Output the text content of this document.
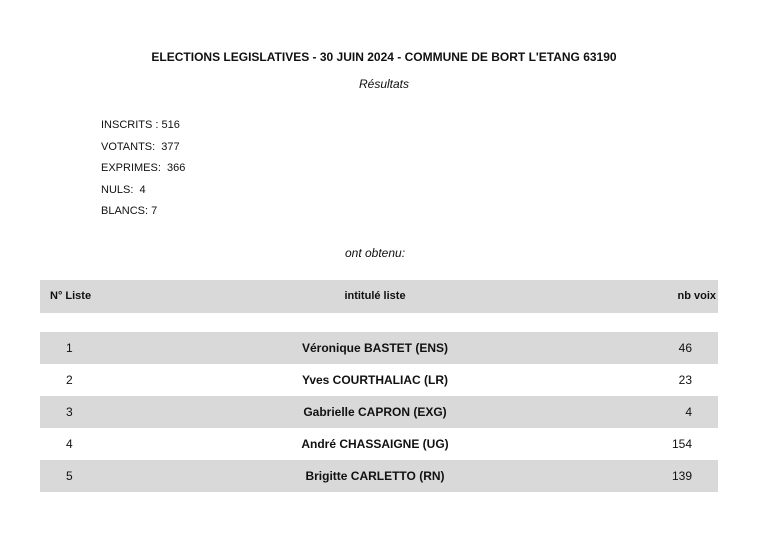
ELECTIONS LEGISLATIVES - 30 JUIN 2024 - COMMUNE DE BORT L'ETANG 63190
Résultats
INSCRITS : 516
VOTANTS:  377
EXPRIMES:  366
NULS:  4
BLANCS: 7
ont obtenu:
N° Liste	intitulé liste	nb voix
1	Véronique BASTET (ENS)	46
2	Yves COURTHALIAC (LR)	23
3	Gabrielle CAPRON (EXG)	4
4	André CHASSAIGNE (UG)	154
5	Brigitte CARLETTO (RN)	139
